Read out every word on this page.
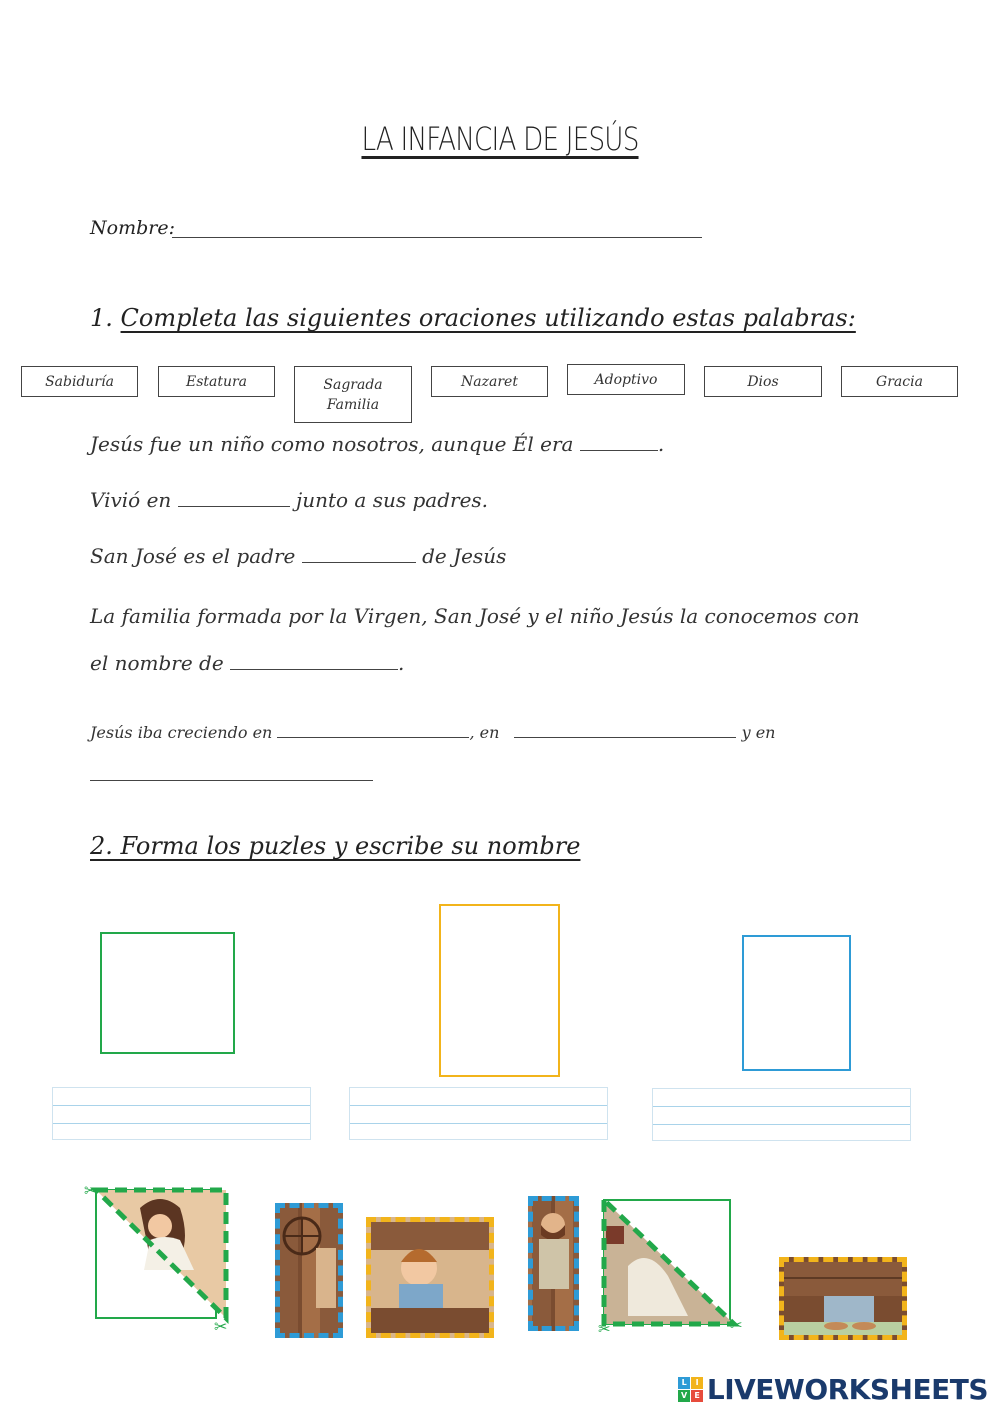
LA INFANCIA DE JESÚS
Nombre:
1. Completa las siguientes oraciones utilizando estas palabras:
Sabiduría	Estatura	Sagrada Familia
Nazaret	Adoptivo	Dios	Gracia
Jesús fue un niño como nosotros, aunque Él era	.
Vivió en	junto a sus padres.
San José es el padre	de Jesús
La familia formada por la Virgen, San José y el niño Jesús la conocemos con
el nombre de	.
Jesús iba creciendo en	, en	y en
2. Forma los puzles y escribe su nombre
✂
✂	✂	✂
L	I
V E LIVEWORKSHEETS
